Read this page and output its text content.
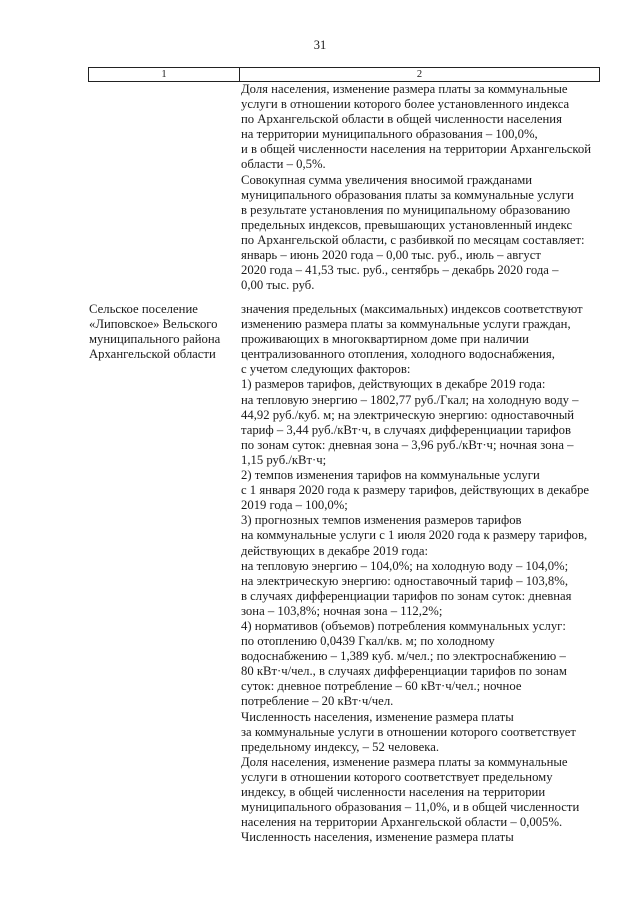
31
1	2
Доля населения, изменение размера платы за коммунальные
услуги в отношении которого более установленного индекса
по Архангельской области в общей численности населения
на территории муниципального образования – 100,0%,
и в общей численности населения на территории Архангельской
области – 0,5%.
Совокупная сумма увеличения вносимой гражданами
муниципального образования платы за коммунальные услуги
в результате установления по муниципальному образованию
предельных индексов, превышающих установленный индекс
по Архангельской области, с разбивкой по месяцам составляет:
январь – июнь 2020 года – 0,00 тыс. руб., июль – август
2020 года – 41,53 тыс. руб., сентябрь – декабрь 2020 года –
0,00 тыс. руб.
Сельское поселение
«Липовское» Вельского
муниципального района
Архангельской области
значения предельных (максимальных) индексов соответствуют
изменению размера платы за коммунальные услуги граждан,
проживающих в многоквартирном доме при наличии
централизованного отопления, холодного водоснабжения,
с учетом следующих факторов:
1) размеров тарифов, действующих в декабре 2019 года:
на тепловую энергию – 1802,77 руб./Гкал; на холодную воду –
44,92 руб./куб. м; на электрическую энергию: одноставочный
тариф – 3,44 руб./кВт·ч, в случаях дифференциации тарифов
по зонам суток: дневная зона – 3,96 руб./кВт·ч; ночная зона –
1,15 руб./кВт·ч;
2) темпов изменения тарифов на коммунальные услуги
с 1 января 2020 года к размеру тарифов, действующих в декабре
2019 года – 100,0%;
3) прогнозных темпов изменения размеров тарифов
на коммунальные услуги с 1 июля 2020 года к размеру тарифов,
действующих в декабре 2019 года:
на тепловую энергию – 104,0%; на холодную воду – 104,0%;
на электрическую энергию: одноставочный тариф – 103,8%,
в случаях дифференциации тарифов по зонам суток: дневная
зона – 103,8%; ночная зона – 112,2%;
4) нормативов (объемов) потребления коммунальных услуг:
по отоплению 0,0439 Гкал/кв. м; по холодному
водоснабжению – 1,389 куб. м/чел.; по электроснабжению –
80 кВт·ч/чел., в случаях дифференциации тарифов по зонам
суток: дневное потребление – 60 кВт·ч/чел.; ночное
потребление – 20 кВт·ч/чел.
Численность населения, изменение размера платы
за коммунальные услуги в отношении которого соответствует
предельному индексу, – 52 человека.
Доля населения, изменение размера платы за коммунальные
услуги в отношении которого соответствует предельному
индексу, в общей численности населения на территории
муниципального образования – 11,0%, и в общей численности
населения на территории Архангельской области – 0,005%.
Численность населения, изменение размера платы
